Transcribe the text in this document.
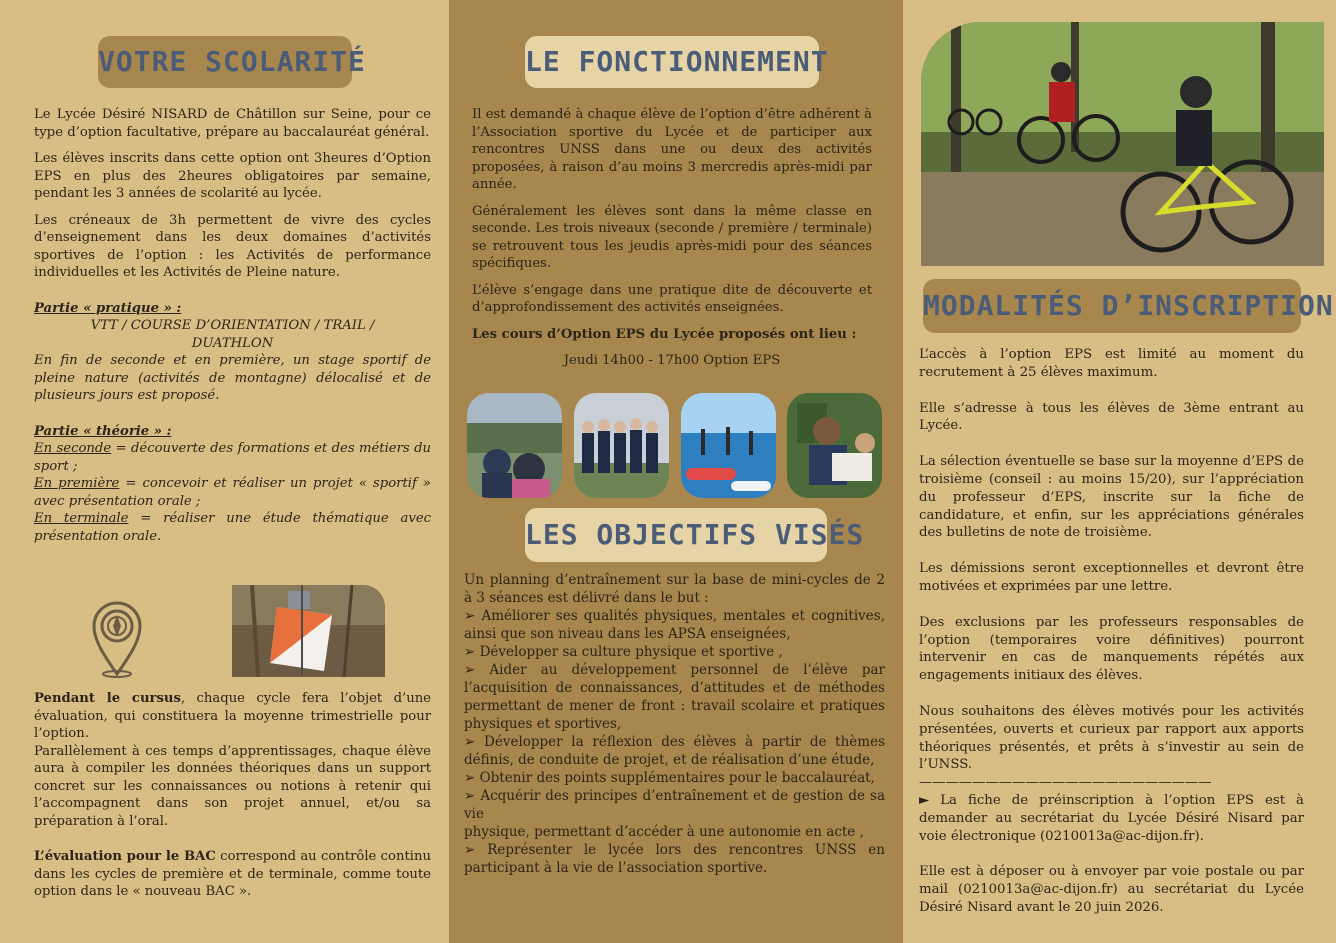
VOTRE SCOLARITÉ

Le Lycée Désiré NISARD de Châtillon sur Seine, pour ce type d’option facultative, prépare au baccalauréat général.

Les élèves inscrits dans cette option ont 3heures d’Option EPS en plus des 2heures obligatoires par semaine, pendant les 3 années de scolarité au lycée.

Les créneaux de 3h permettent de vivre des cycles d’enseignement dans les deux domaines d’activités sportives de l’option : les Activités de performance individuelles et les Activités de Pleine nature.

Partie « pratique » :

VTT / COURSE D’ORIENTATION / TRAIL /

DUATHLON

En fin de seconde et en première, un stage sportif de pleine nature (activités de montagne) délocalisé et de plusieurs jours est proposé.

Partie « théorie » :

En seconde = découverte des formations et des métiers du sport ;

En première = concevoir et réaliser un projet « sportif » avec présentation orale ;

En terminale = réaliser une étude thématique avec présentation orale.

Pendant le cursus, chaque cycle fera l’objet d’une évaluation, qui constituera la moyenne trimestrielle pour l’option.

Parallèlement à ces temps d’apprentissages, chaque élève aura à compiler les données théoriques dans un support concret sur les connaissances ou notions à retenir qui l’accompagnent dans son projet annuel, et/ou sa préparation à l’oral.

L’évaluation pour le BAC correspond au contrôle continu dans les cycles de première et de terminale, comme toute option dans le « nouveau BAC ».

LE FONCTIONNEMENT

Il est demandé à chaque élève de l’option d’être adhérent à l’Association sportive du Lycée et de participer aux rencontres UNSS dans une ou deux des activités proposées, à raison d’au moins 3 mercredis après-midi par année.

Généralement les élèves sont dans la même classe en seconde. Les trois niveaux (seconde / première / terminale) se retrouvent tous les jeudis après-midi pour des séances spécifiques.

L’élève s’engage dans une pratique dite de découverte et d’approfondissement des activités enseignées.

Les cours d’Option EPS du Lycée proposés ont lieu :

Jeudi 14h00 - 17h00 Option EPS

LES OBJECTIFS VISÉS

Un planning d’entraînement sur la base de mini-cycles de 2 à 3 séances est délivré dans le but :

➢ Améliorer ses qualités physiques, mentales et cognitives, ainsi que son niveau dans les APSA enseignées,

➢ Développer sa culture physique et sportive ,

➢ Aider au développement personnel de l’élève par l’acquisition de connaissances, d’attitudes et de méthodes permettant de mener de front : travail scolaire et pratiques physiques et sportives,

➢ Développer la réflexion des élèves à partir de thèmes définis, de conduite de projet, et de réalisation d’une étude,

➢ Obtenir des points supplémentaires pour le baccalauréat,

➢ Acquérir des principes d’entraînement et de gestion de sa vie

physique, permettant d’accéder à une autonomie en acte ,

➢ Représenter le lycée lors des rencontres UNSS en participant à la vie de l’association sportive.

MODALITÉS D’INSCRIPTION

L’accès à l’option EPS est limité au moment du recrutement à 25 élèves maximum.

Elle s’adresse à tous les élèves de 3ème entrant au Lycée.

La sélection éventuelle se base sur la moyenne d’EPS de troisième (conseil : au moins 15/20), sur l’appréciation du professeur d’EPS, inscrite sur la fiche de candidature, et enfin, sur les appréciations générales des bulletins de note de troisième.

Les démissions seront exceptionnelles et devront être motivées et exprimées par une lettre.

Des exclusions par les professeurs responsables de l’option (temporaires voire définitives) pourront intervenir en cas de manquements répétés aux engagements initiaux des élèves.

Nous souhaitons des élèves motivés pour les activités présentées, ouverts et curieux par rapport aux apports théoriques présentés, et prêts à s’investir au sein de l’UNSS.

——————————————————————

► La fiche de préinscription à l’option EPS est à demander au secrétariat du Lycée Désiré Nisard par voie électronique (0210013a@ac-dijon.fr).

Elle est à déposer ou à envoyer par voie postale ou par mail (0210013a@ac-dijon.fr) au secrétariat du Lycée Désiré Nisard avant le 20 juin 2026.
